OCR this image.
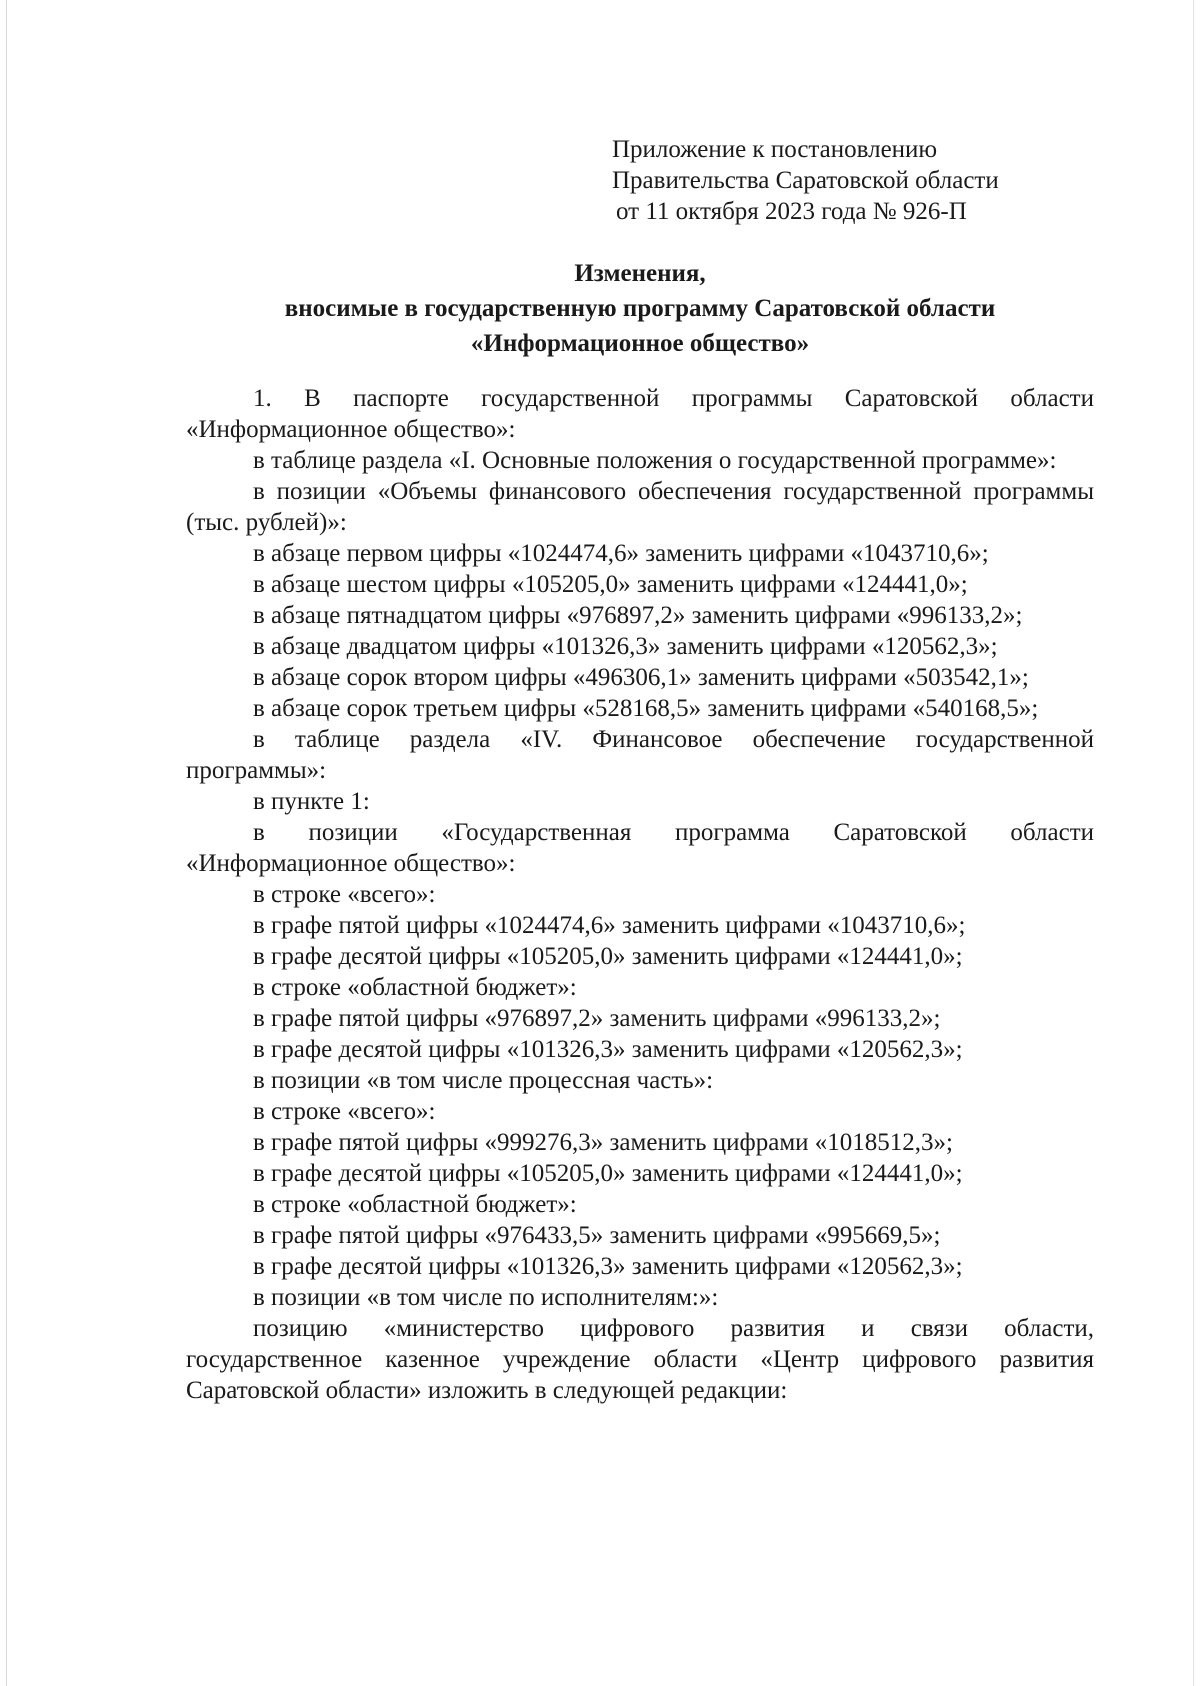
Приложение к постановлению
Правительства Саратовской области
от 11 октября 2023 года № 926-П
Изменения,
вносимые в государственную программу Саратовской области
«Информационное общество»

1. В паспорте государственной программы Саратовской области «Информационное общество»:

в таблице раздела «I. Основные положения о государственной программе»:

в позиции «Объемы финансового обеспечения государственной программы (тыс. рублей)»:

в абзаце первом цифры «1024474,6» заменить цифрами «1043710,6»;

в абзаце шестом цифры «105205,0» заменить цифрами «124441,0»;

в абзаце пятнадцатом цифры «976897,2» заменить цифрами «996133,2»;

в абзаце двадцатом цифры «101326,3» заменить цифрами «120562,3»;

в абзаце сорок втором цифры «496306,1» заменить цифрами «503542,1»;

в абзаце сорок третьем цифры «528168,5» заменить цифрами «540168,5»;

в таблице раздела «IV. Финансовое обеспечение государственной программы»:

в пункте 1:

в позиции «Государственная программа Саратовской области «Информационное общество»:

в строке «всего»:

в графе пятой цифры «1024474,6» заменить цифрами «1043710,6»;

в графе десятой цифры «105205,0» заменить цифрами «124441,0»;

в строке «областной бюджет»:

в графе пятой цифры «976897,2» заменить цифрами «996133,2»;

в графе десятой цифры «101326,3» заменить цифрами «120562,3»;

в позиции «в том числе процессная часть»:

в строке «всего»:

в графе пятой цифры «999276,3» заменить цифрами «1018512,3»;

в графе десятой цифры «105205,0» заменить цифрами «124441,0»;

в строке «областной бюджет»:

в графе пятой цифры «976433,5» заменить цифрами «995669,5»;

в графе десятой цифры «101326,3» заменить цифрами «120562,3»;

в позиции «в том числе по исполнителям:»:

позицию «министерство цифрового развития и связи области, государственное казенное учреждение области «Центр цифрового развития Саратовской области» изложить в следующей редакции:
